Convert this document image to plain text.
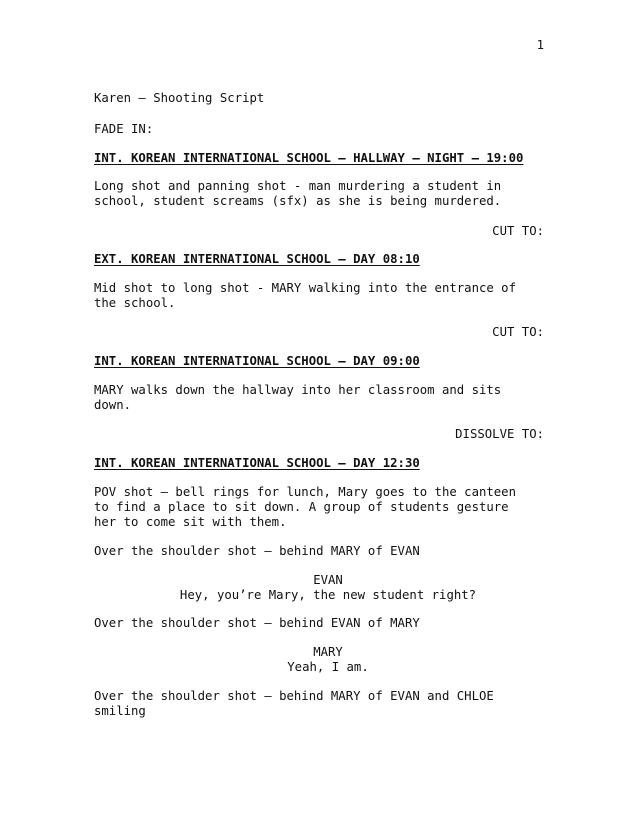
1
Karen — Shooting Script
FADE IN:
INT. KOREAN INTERNATIONAL SCHOOL — HALLWAY — NIGHT — 19:00
Long shot and panning shot - man murdering a student in
school, student screams (sfx) as she is being murdered.
CUT TO:
EXT. KOREAN INTERNATIONAL SCHOOL — DAY 08:10
Mid shot to long shot - MARY walking into the entrance of
the school.
CUT TO:
INT. KOREAN INTERNATIONAL SCHOOL — DAY 09:00
MARY walks down the hallway into her classroom and sits
down.
DISSOLVE TO:
INT. KOREAN INTERNATIONAL SCHOOL — DAY 12:30
POV shot — bell rings for lunch, Mary goes to the canteen
to find a place to sit down. A group of students gesture
her to come sit with them.
Over the shoulder shot — behind MARY of EVAN
EVAN
Hey, you’re Mary, the new student right?
Over the shoulder shot — behind EVAN of MARY
MARY
Yeah, I am.
Over the shoulder shot — behind MARY of EVAN and CHLOE
smiling
